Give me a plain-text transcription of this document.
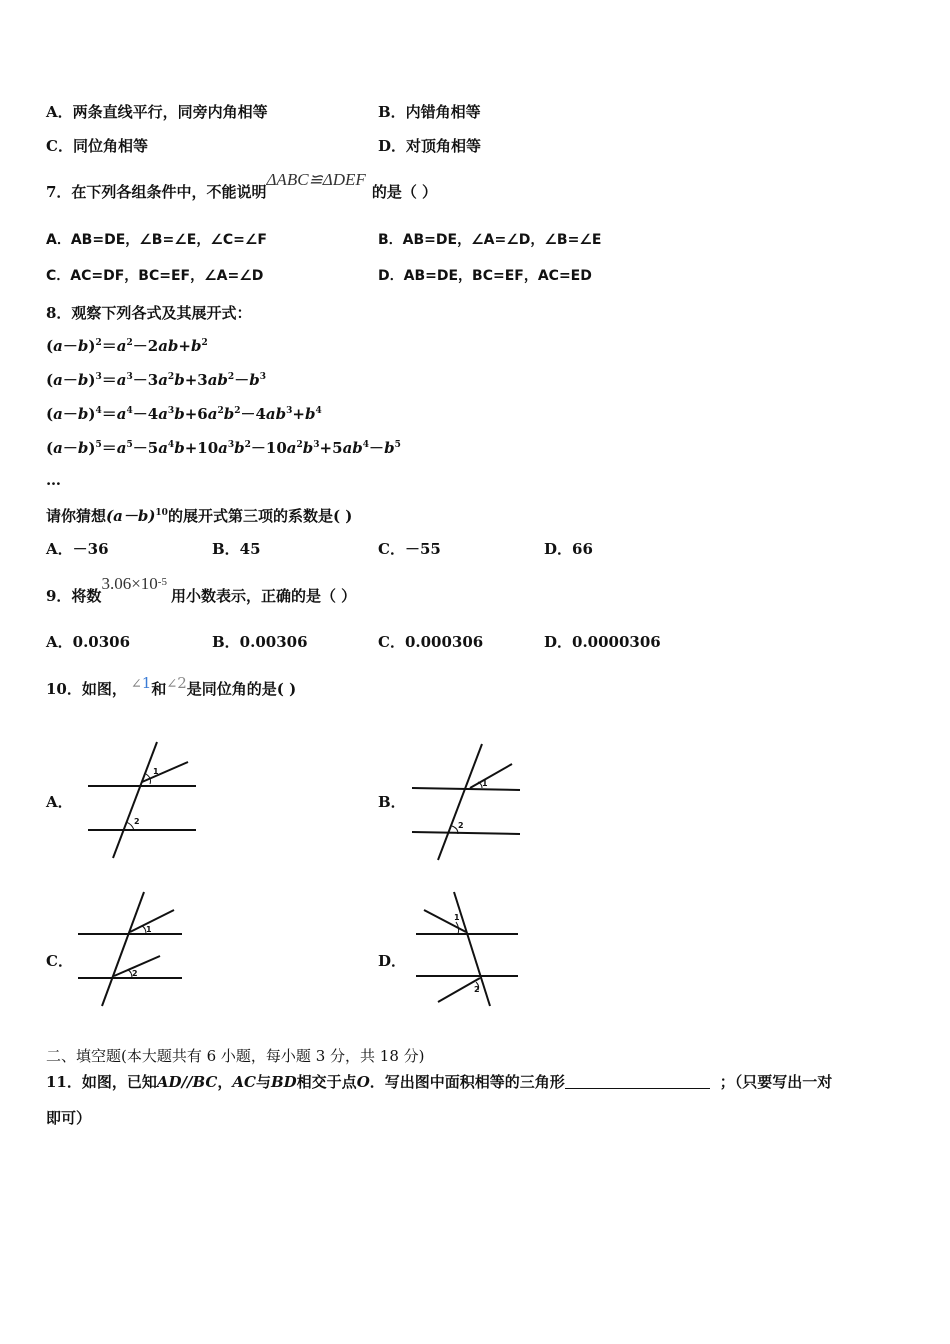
A．两条直线平行，同旁内角相等	B．内错角相等
C．同位角相等	D．对顶角相等
7．在下列各组条件中，不能说明ΔABC≌ΔDEF的是（ ）
A．AB=DE，∠B=∠E，∠C=∠F	B．AB=DE，∠A=∠D，∠B=∠E
C．AC=DF，BC=EF，∠A=∠D	D．AB=DE，BC=EF，AC=ED
8．观察下列各式及其展开式：
$(a-b)^2=a^2-2ab+b^2$
$(a-b)^3=a^3-3a^2b+3ab^2-b^3$
$(a-b)^4=a^4-4a^3b+6a^2b^2-4ab^3+b^4$
$(a-b)^5=a^5-5a^4b+10a^3b^2-10a^2b^3+5ab^4-b^5$
…
请你猜想$(a-b)^{10}$的展开式第三项的系数是( )
A．－36	B．45	C．－55	D．66
9．将数$3.06\times 10^{-5}$用小数表示，正确的是（ ）
A．0.0306	B．0.00306	C．0.000306	D．0.0000306
10．如图， ∠1和∠2是同位角的是( )
A．
1
2
B．
1
2
C．
1
2
D．
1
2
二、填空题(本大题共有 6 小题，每小题 3 分，共 18 分)
11．如图，已知AD//BC，AC与BD相交于点O．写出图中面积相等的三角形	；（只要写出一对
即可）
